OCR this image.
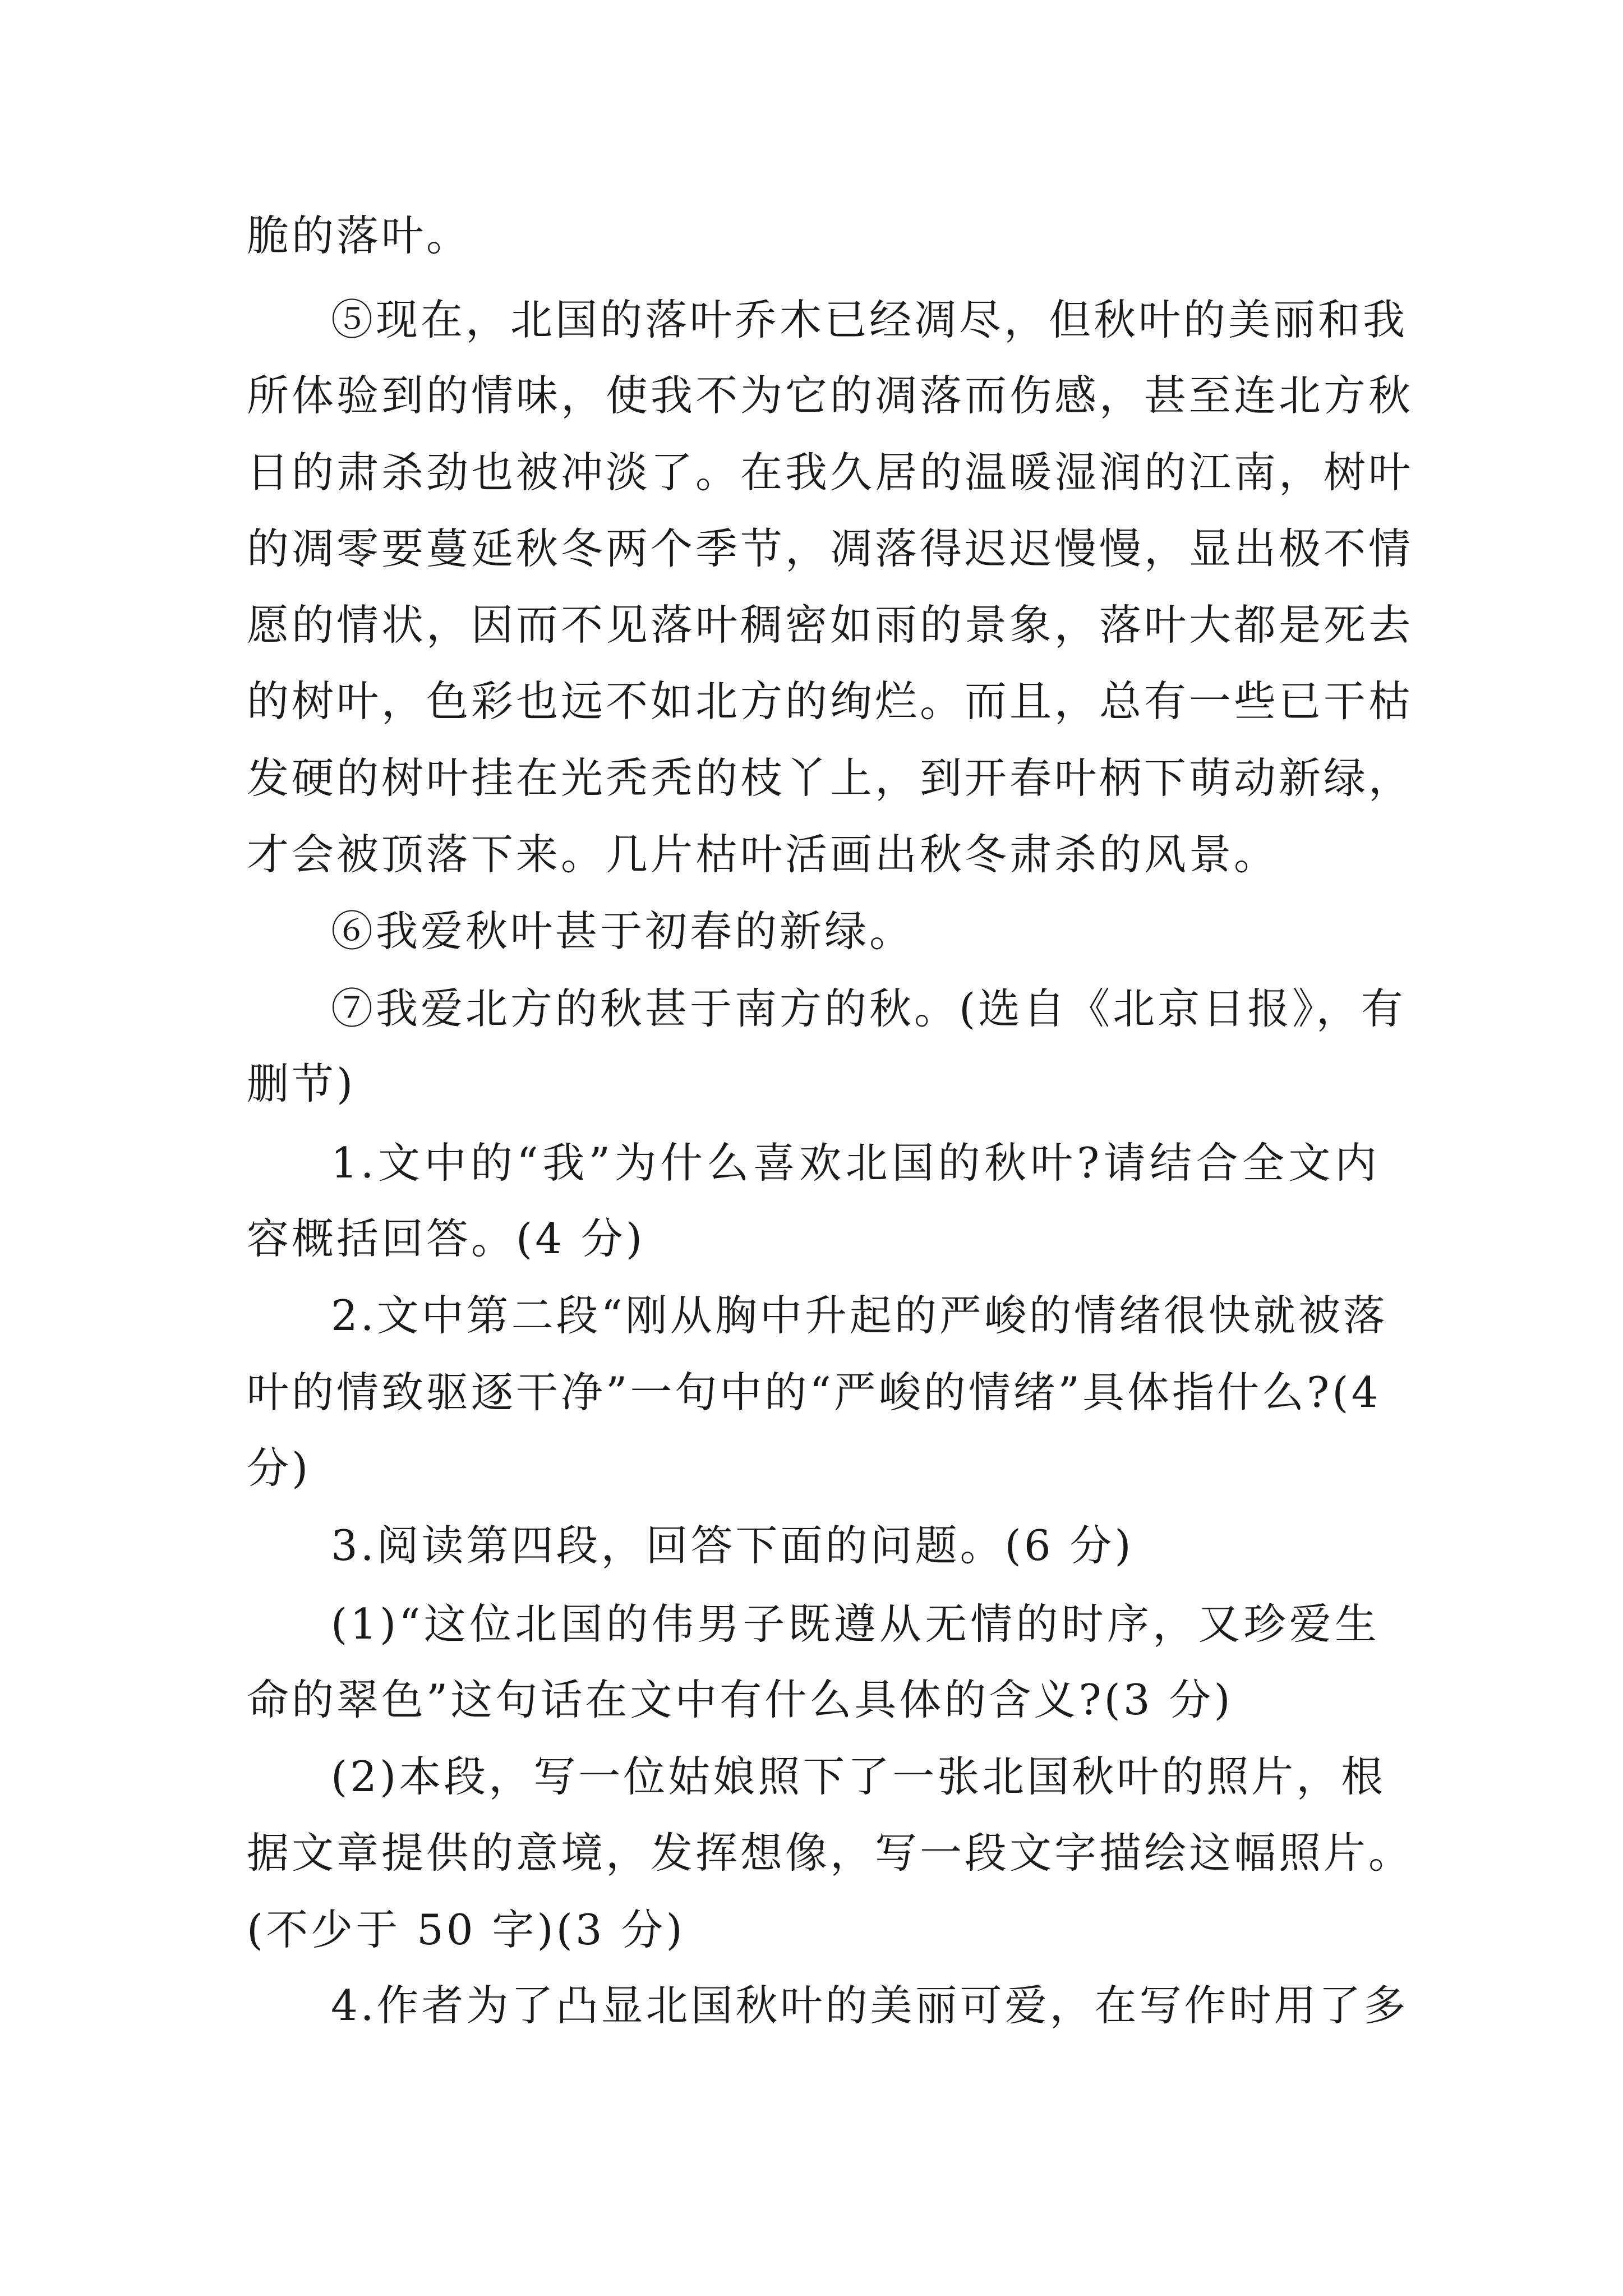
脆的落叶。
⑤现在，北国的落叶乔木已经凋尽，但秋叶的美丽和我
所体验到的情味，使我不为它的凋落而伤感，甚至连北方秋
日的肃杀劲也被冲淡了。在我久居的温暖湿润的江南，树叶
的凋零要蔓延秋冬两个季节，凋落得迟迟慢慢，显出极不情
愿的情状，因而不见落叶稠密如雨的景象，落叶大都是死去
的树叶，色彩也远不如北方的绚烂。而且，总有一些已干枯
发硬的树叶挂在光秃秃的枝丫上，到开春叶柄下萌动新绿，
才会被顶落下来。几片枯叶活画出秋冬肃杀的风景。
⑥我爱秋叶甚于初春的新绿。
⑦我爱北方的秋甚于南方的秋。(选自《北京日报》，有
删节)
1.文中的“我”为什么喜欢北国的秋叶?请结合全文内
容概括回答。(4 分)
2.文中第二段“刚从胸中升起的严峻的情绪很快就被落
叶的情致驱逐干净”一句中的“严峻的情绪”具体指什么?(4
分)
3.阅读第四段，回答下面的问题。(6 分)
(1)“这位北国的伟男子既遵从无情的时序，又珍爱生
命的翠色”这句话在文中有什么具体的含义?(3 分)
(2)本段，写一位姑娘照下了一张北国秋叶的照片，根
据文章提供的意境，发挥想像，写一段文字描绘这幅照片。
(不少于 50 字)(3 分)
4.作者为了凸显北国秋叶的美丽可爱，在写作时用了多
